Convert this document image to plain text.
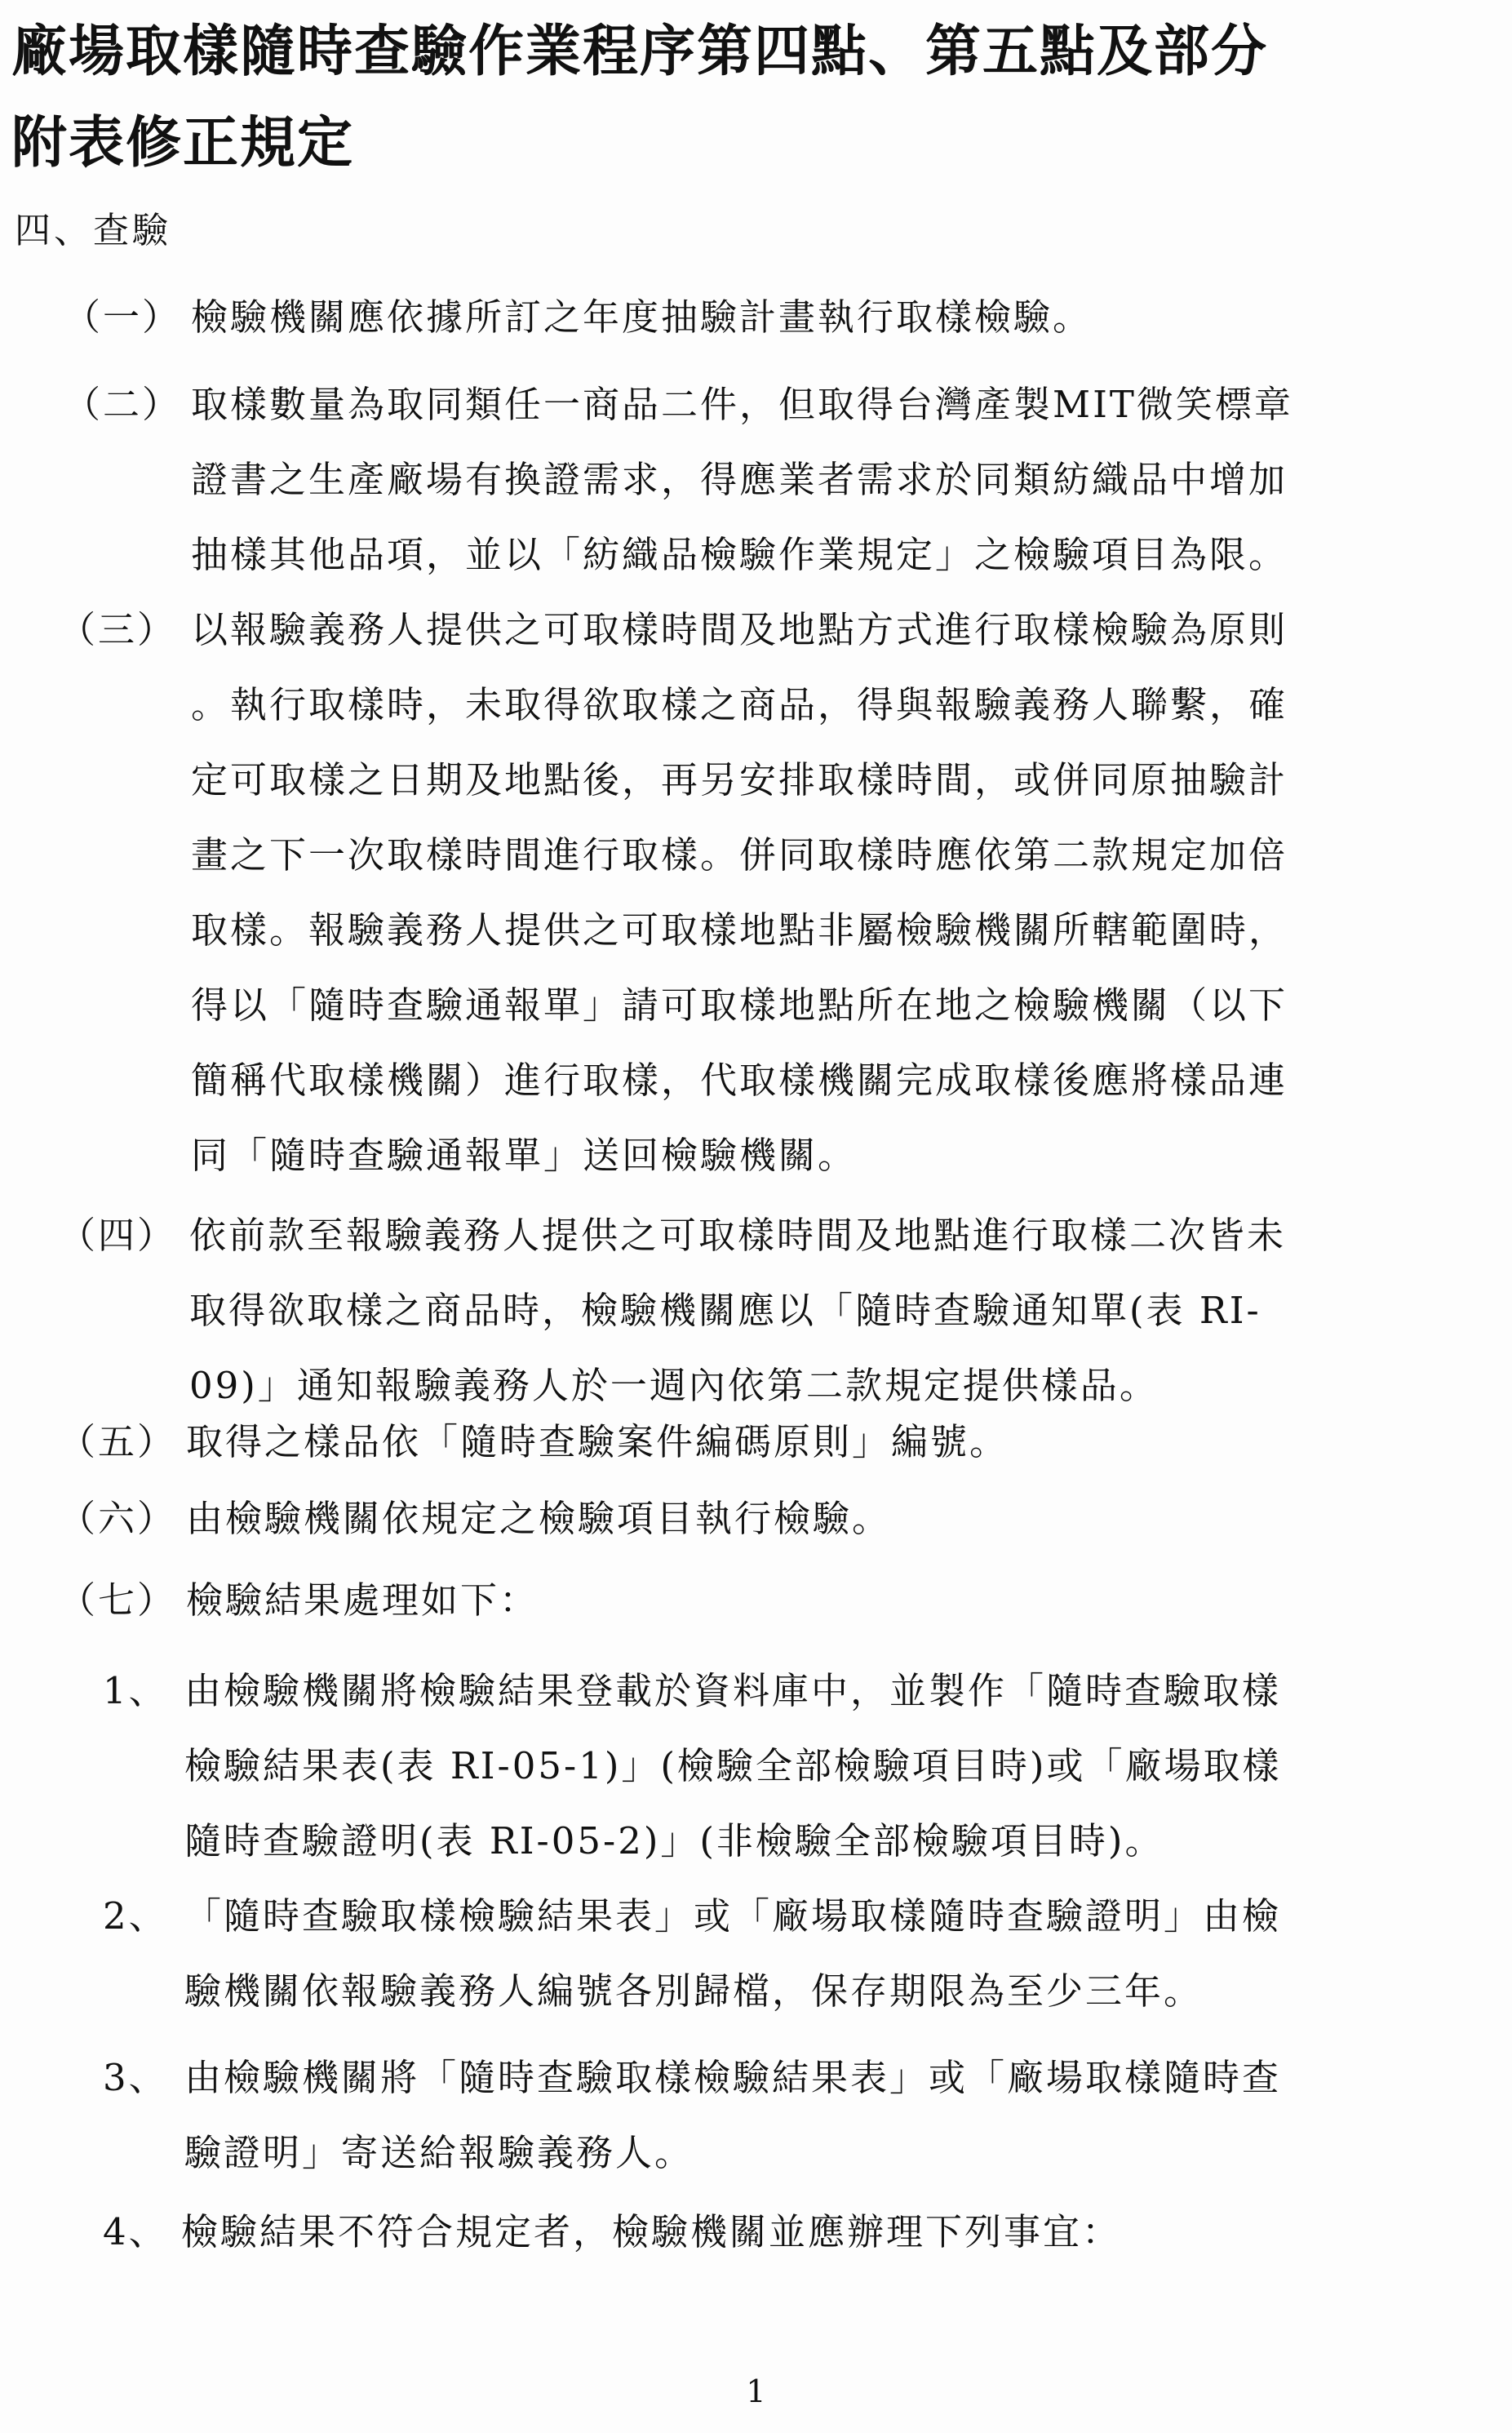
廠場取樣隨時查驗作業程序第四點、第五點及部分
附表修正規定
四、查驗
（一） 檢驗機關應依據所訂之年度抽驗計畫執行取樣檢驗。
（二） 取樣數量為取同類任一商品二件，但取得台灣產製MIT微笑標章
證書之生產廠場有換證需求，得應業者需求於同類紡織品中增加
抽樣其他品項，並以「紡織品檢驗作業規定」之檢驗項目為限。
（三） 以報驗義務人提供之可取樣時間及地點方式進行取樣檢驗為原則
。執行取樣時，未取得欲取樣之商品，得與報驗義務人聯繫，確
定可取樣之日期及地點後，再另安排取樣時間，或併同原抽驗計
畫之下一次取樣時間進行取樣。併同取樣時應依第二款規定加倍
取樣。報驗義務人提供之可取樣地點非屬檢驗機關所轄範圍時，
得以「隨時查驗通報單」請可取樣地點所在地之檢驗機關（以下
簡稱代取樣機關）進行取樣，代取樣機關完成取樣後應將樣品連
同「隨時查驗通報單」送回檢驗機關。
（四） 依前款至報驗義務人提供之可取樣時間及地點進行取樣二次皆未
取得欲取樣之商品時，檢驗機關應以「隨時查驗通知單(表 RI-
09)」通知報驗義務人於一週內依第二款規定提供樣品。
（五） 取得之樣品依「隨時查驗案件編碼原則」編號。
（六） 由檢驗機關依規定之檢驗項目執行檢驗。
（七） 檢驗結果處理如下：
1、 由檢驗機關將檢驗結果登載於資料庫中，並製作「隨時查驗取樣
檢驗結果表(表 RI-05-1)」(檢驗全部檢驗項目時)或「廠場取樣
隨時查驗證明(表 RI-05-2)」(非檢驗全部檢驗項目時)。
2、 「隨時查驗取樣檢驗結果表」或「廠場取樣隨時查驗證明」由檢
驗機關依報驗義務人編號各別歸檔，保存期限為至少三年。
3、 由檢驗機關將「隨時查驗取樣檢驗結果表」或「廠場取樣隨時查
驗證明」寄送給報驗義務人。
4、 檢驗結果不符合規定者，檢驗機關並應辦理下列事宜：
1
